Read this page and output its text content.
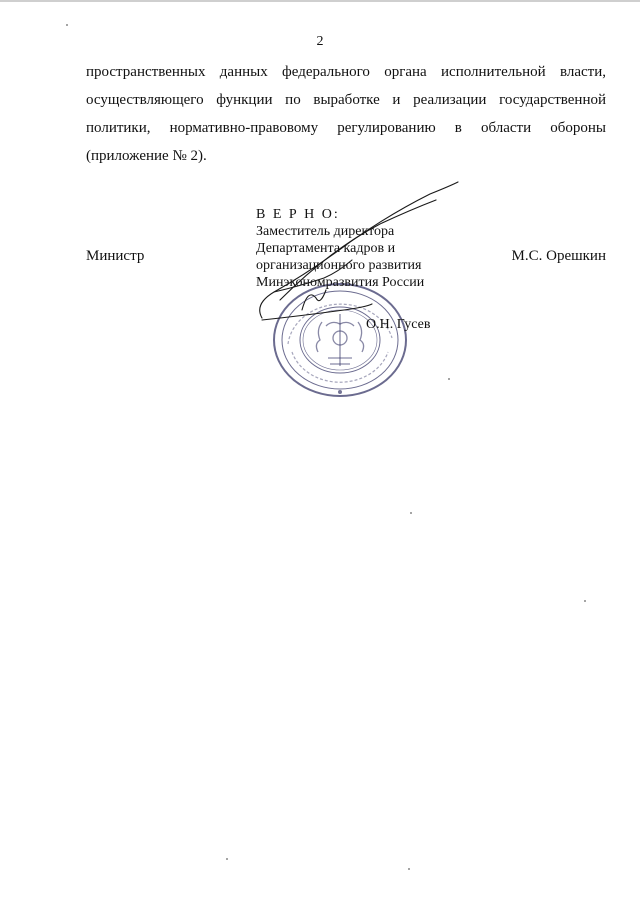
2
пространственных данных федерального органа исполнительной власти,
осуществляющего функции по выработке и реализации государственной
политики, нормативно-правовому регулированию в области обороны
(приложение № 2).
Министр	М.С. Орешкин
В Е Р Н О:
Заместитель директора
Департамента кадров и
организационного развития
Минэкономразвития России
О.Н. Гусев
